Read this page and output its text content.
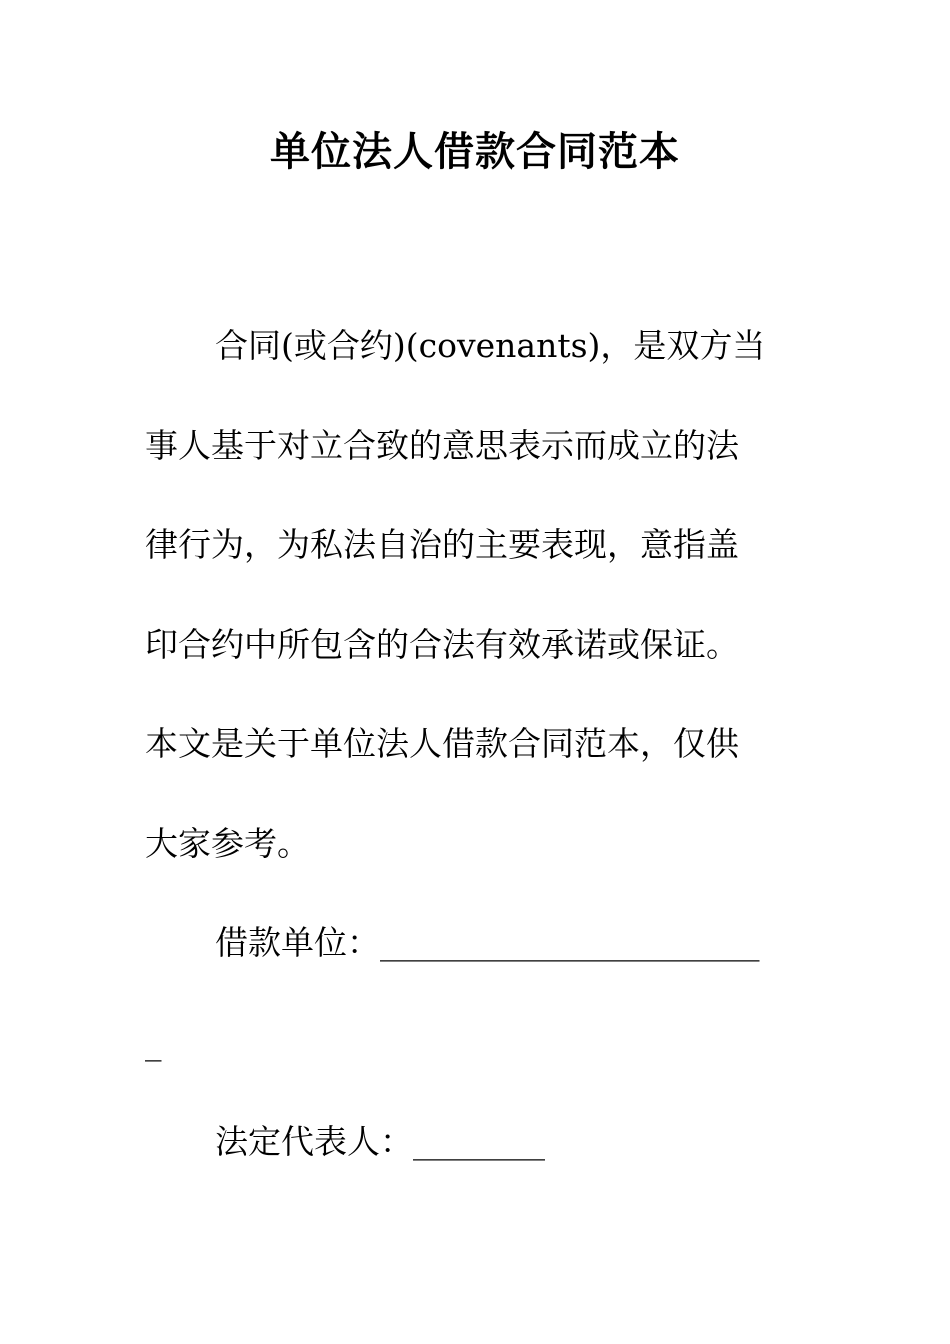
单位法人借款合同范本
合同(或合约)(covenants)，是双方当
事人基于对立合致的意思表示而成立的法
律行为，为私法自治的主要表现，意指盖
印合约中所包含的合法有效承诺或保证。
本文是关于单位法人借款合同范本，仅供
大家参考。
借款单位：_______________________
_
法定代表人：________
